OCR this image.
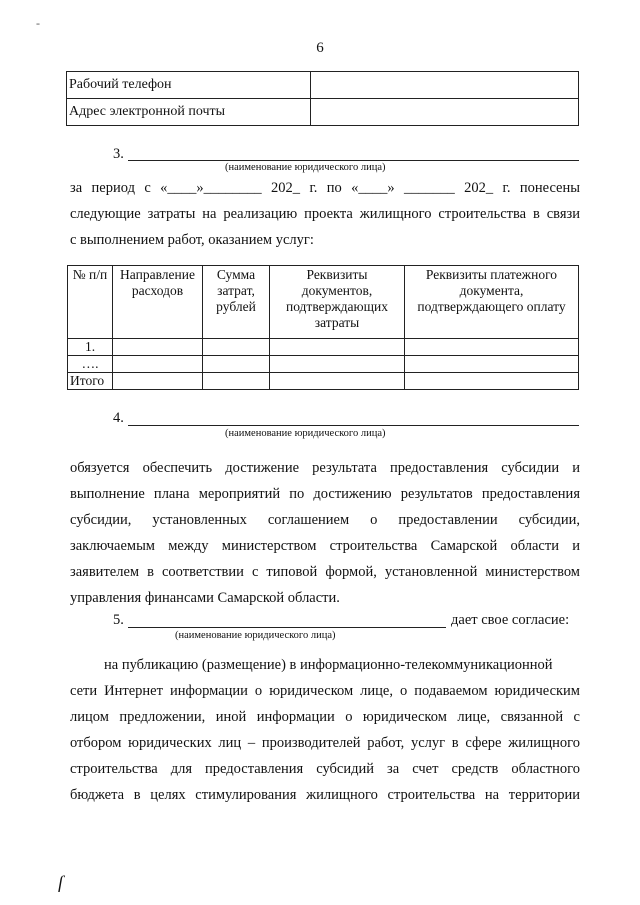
-
6
Рабочий телефон	
Адрес электронной почты	
3.
(наименование юридического лица)
за период с «____»________ 202_ г. по «____» _______ 202_ г. понесены
следующие затраты на реализацию проекта жилищного строительства в связи
с выполнением работ, оказанием услуг:
№ п/п	Направление расходов	Сумма затрат, рублей	Реквизиты документов, подтверждающих затраты	Реквизиты платежного документа, подтверждающего оплату
1.				
….				
Итого				
4.
(наименование юридического лица)
обязуется обеспечить достижение результата предоставления субсидии и
выполнение плана мероприятий по достижению результатов предоставления
субсидии, установленных соглашением о предоставлении субсидии,
заключаемым между министерством строительства Самарской области и
заявителем в соответствии с типовой формой, установленной министерством
управления финансами Самарской области.
5.	дает свое согласие:
(наименование юридического лица)
на публикацию (размещение) в информационно-телекоммуникационной
сети Интернет информации о юридическом лице, о подаваемом юридическим
лицом предложении, иной информации о юридическом лице, связанной с
отбором юридических лиц – производителей работ, услуг в сфере жилищного
строительства для предоставления субсидий за счет средств областного
бюджета в целях стимулирования жилищного строительства на территории
ſ
